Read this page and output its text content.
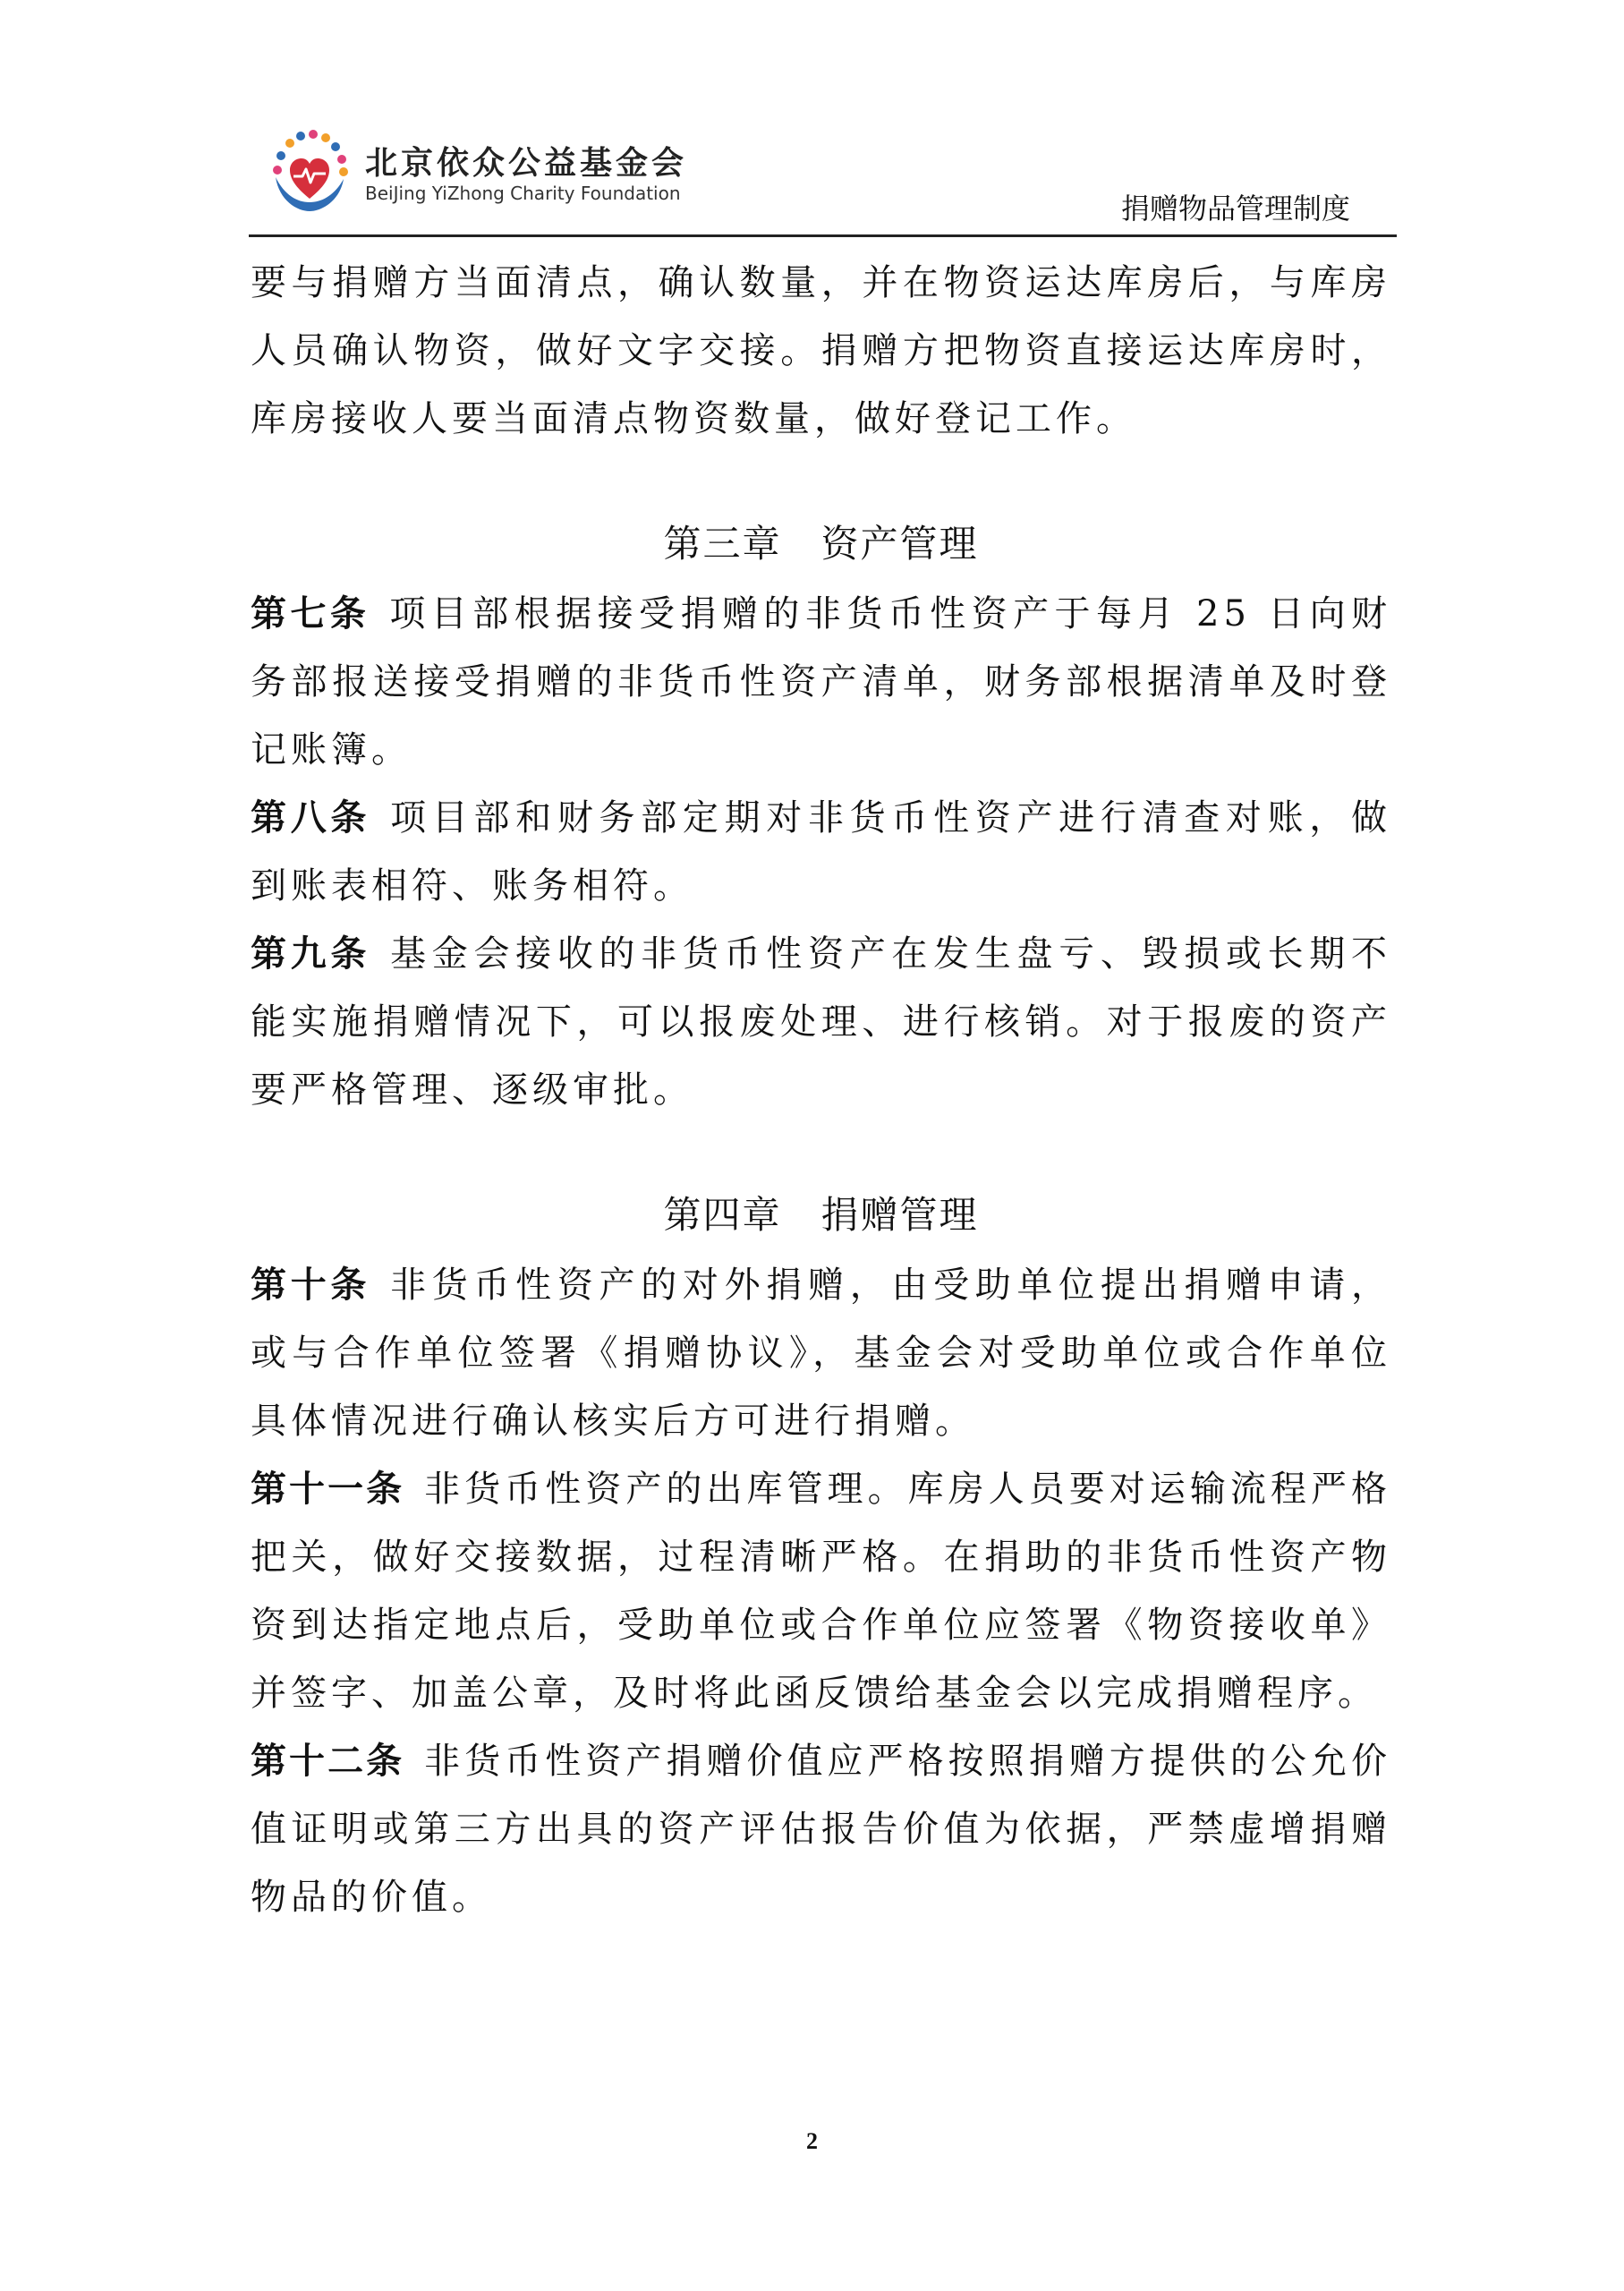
北京依众公益基金会
BeiJing YiZhong Charity Foundation	捐赠物品管理制度

要与捐赠方当面清点，确认数量，并在物资运达库房后，与库房人员确认物资，做好文字交接。捐赠方把物资直接运达库房时，库房接收人要当面清点物资数量，做好登记工作。

第三章　资产管理

第七条 项目部根据接受捐赠的非货币性资产于每月 25 日向财务部报送接受捐赠的非货币性资产清单，财务部根据清单及时登记账簿。

第八条 项目部和财务部定期对非货币性资产进行清查对账，做到账表相符、账务相符。

第九条 基金会接收的非货币性资产在发生盘亏、毁损或长期不能实施捐赠情况下，可以报废处理、进行核销。对于报废的资产要严格管理、逐级审批。

第四章　捐赠管理

第十条 非货币性资产的对外捐赠，由受助单位提出捐赠申请，或与合作单位签署《捐赠协议》，基金会对受助单位或合作单位具体情况进行确认核实后方可进行捐赠。

第十一条 非货币性资产的出库管理。库房人员要对运输流程严格把关，做好交接数据，过程清晰严格。在捐助的非货币性资产物资到达指定地点后，受助单位或合作单位应签署《物资接收单》并签字、加盖公章，及时将此函反馈给基金会以完成捐赠程序。

第十二条 非货币性资产捐赠价值应严格按照捐赠方提供的公允价值证明或第三方出具的资产评估报告价值为依据，严禁虚增捐赠物品的价值。

2
